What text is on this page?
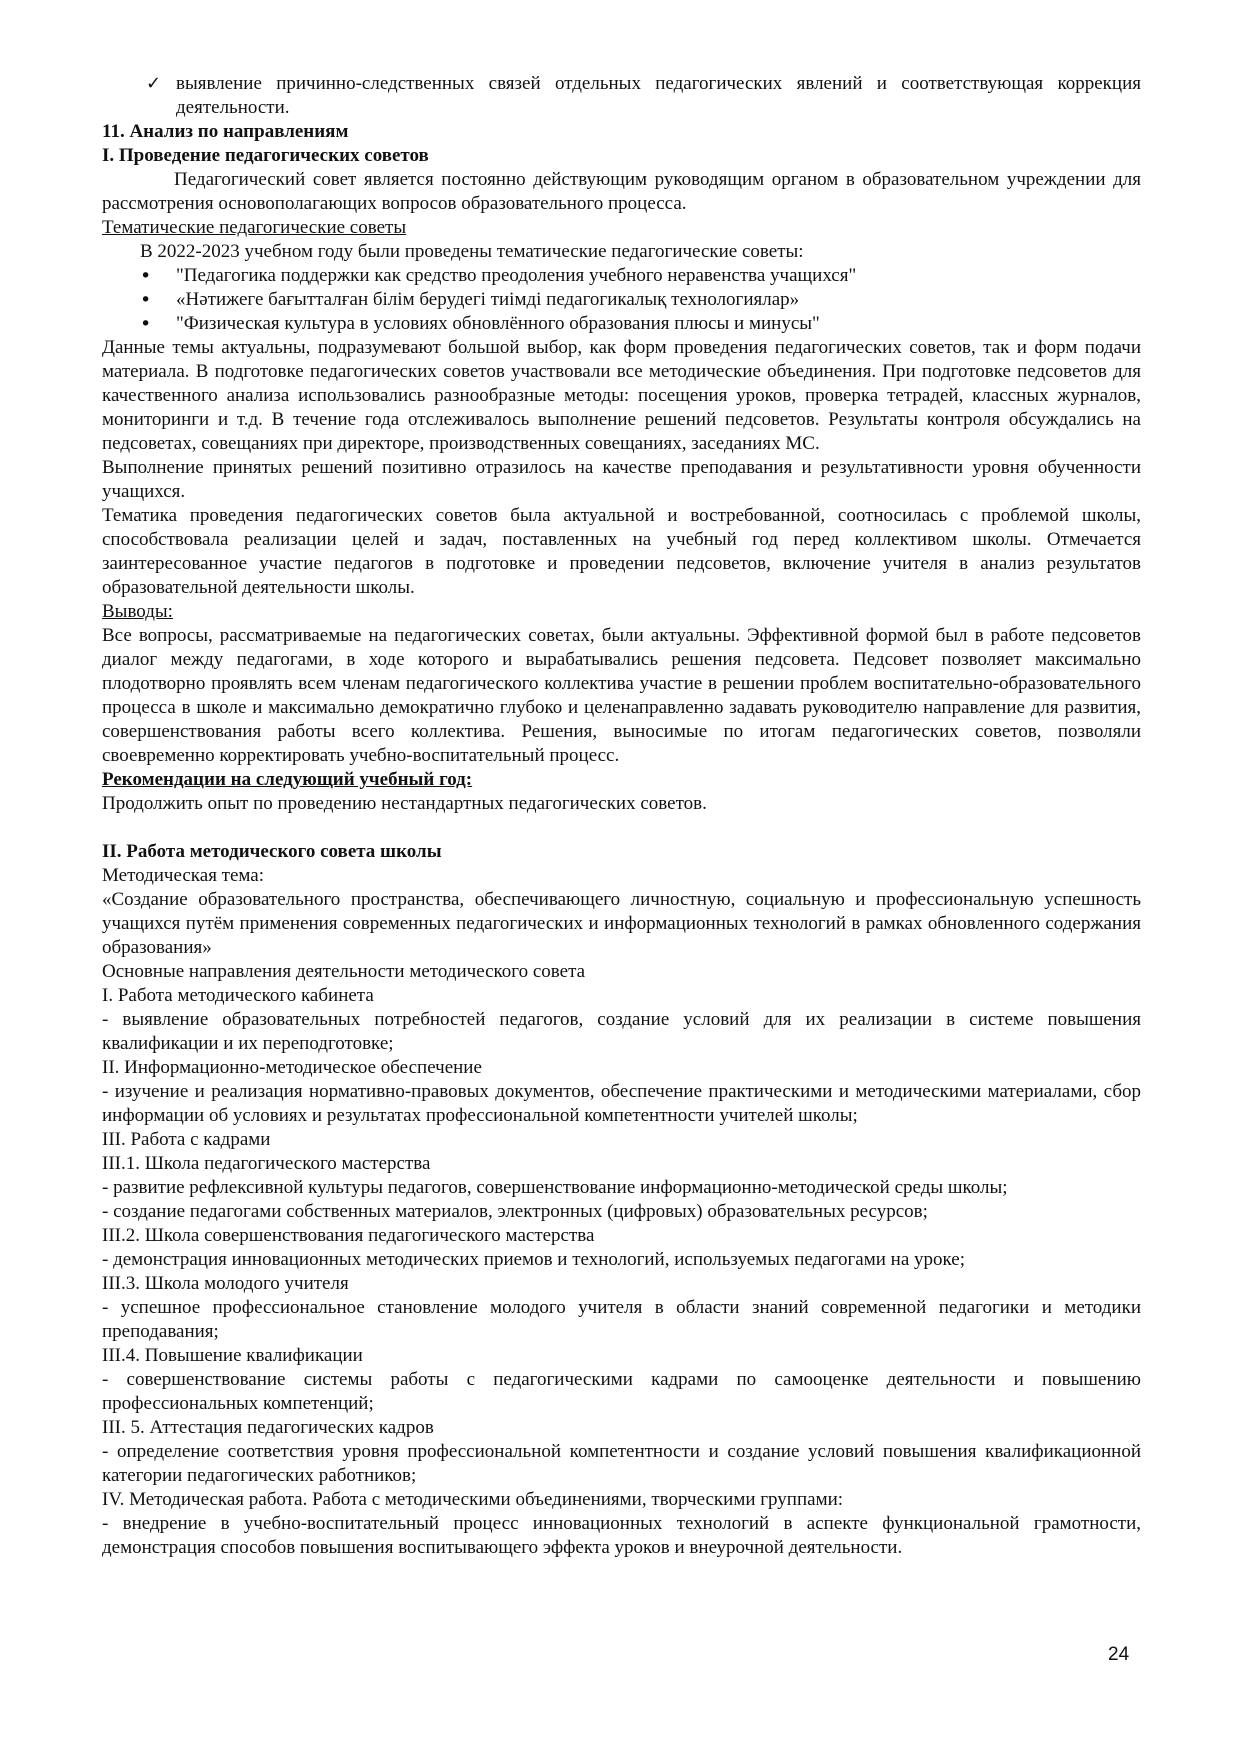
✓ выявление причинно-следственных связей отдельных педагогических явлений и соответствующая коррекция деятельности.

11. Анализ по направлениям

I. Проведение педагогических советов

Педагогический совет является постоянно действующим руководящим органом в образовательном учреждении для рассмотрения основополагающих вопросов образовательного процесса.

Тематические педагогические советы

В 2022-2023 учебном году были проведены тематические педагогические советы:

• "Педагогика поддержки как средство преодоления учебного неравенства учащихся"
• «Нәтижеге бағытталған білім берудегі тиімді педагогикалық технологиялар»
• "Физическая культура в условиях обновлённого образования плюсы и минусы"

Данные темы актуальны, подразумевают большой выбор, как форм проведения педагогических советов, так и форм подачи материала. В подготовке педагогических советов участвовали все методические объединения. При подготовке педсоветов для качественного анализа использовались разнообразные методы: посещения уроков, проверка тетрадей, классных журналов, мониторинги и т.д. В течение года отслеживалось выполнение решений педсоветов. Результаты контроля обсуждались на педсоветах, совещаниях при директоре, производственных совещаниях, заседаниях МС.

Выполнение принятых решений позитивно отразилось на качестве преподавания и результативности уровня обученности учащихся.

Тематика проведения педагогических советов была актуальной и востребованной, соотносилась с проблемой школы, способствовала реализации целей и задач, поставленных на учебный год перед коллективом школы. Отмечается заинтересованное участие педагогов в подготовке и проведении педсоветов, включение учителя в анализ результатов образовательной деятельности школы.

Выводы:

Все вопросы, рассматриваемые на педагогических советах, были актуальны. Эффективной формой был в работе педсоветов диалог между педагогами, в ходе которого и вырабатывались решения педсовета. Педсовет позволяет максимально плодотворно проявлять всем членам педагогического коллектива участие в решении проблем воспитательно-образовательного процесса в школе и максимально демократично глубоко и целенаправленно задавать руководителю направление для развития, совершенствования работы всего коллектива. Решения, выносимые по итогам педагогических советов, позволяли своевременно корректировать учебно-воспитательный процесс.

Рекомендации на следующий учебный год:

Продолжить опыт по проведению нестандартных педагогических советов.

II. Работа методического совета школы

Методическая тема:

«Создание образовательного пространства, обеспечивающего личностную, социальную и профессиональную успешность учащихся путём применения современных педагогических и информационных технологий в рамках обновленного содержания образования»

Основные направления деятельности методического совета

I. Работа методического кабинета

- выявление образовательных потребностей педагогов, создание условий для их реализации в системе повышения квалификации и их переподготовке;

II. Информационно-методическое обеспечение

- изучение и реализация нормативно-правовых документов, обеспечение практическими и методическими материалами, сбор информации об условиях и результатах профессиональной компетентности учителей школы;

III. Работа с кадрами

III.1. Школа педагогического мастерства

- развитие рефлексивной культуры педагогов, совершенствование информационно-методической среды школы;

- создание педагогами собственных материалов, электронных (цифровых) образовательных ресурсов;

III.2. Школа совершенствования педагогического мастерства

- демонстрация инновационных методических приемов и технологий, используемых педагогами на уроке;

III.3. Школа молодого учителя

- успешное профессиональное становление молодого учителя в области знаний современной педагогики и методики преподавания;

III.4. Повышение квалификации

- совершенствование системы работы с педагогическими кадрами по самооценке деятельности и повышению профессиональных компетенций;

III. 5. Аттестация педагогических кадров

- определение соответствия уровня профессиональной компетентности и создание условий повышения квалификационной категории педагогических работников;

IV. Методическая работа. Работа с методическими объединениями, творческими группами:

- внедрение в учебно-воспитательный процесс инновационных технологий в аспекте функциональной грамотности, демонстрация способов повышения воспитывающего эффекта уроков и внеурочной деятельности.

24
